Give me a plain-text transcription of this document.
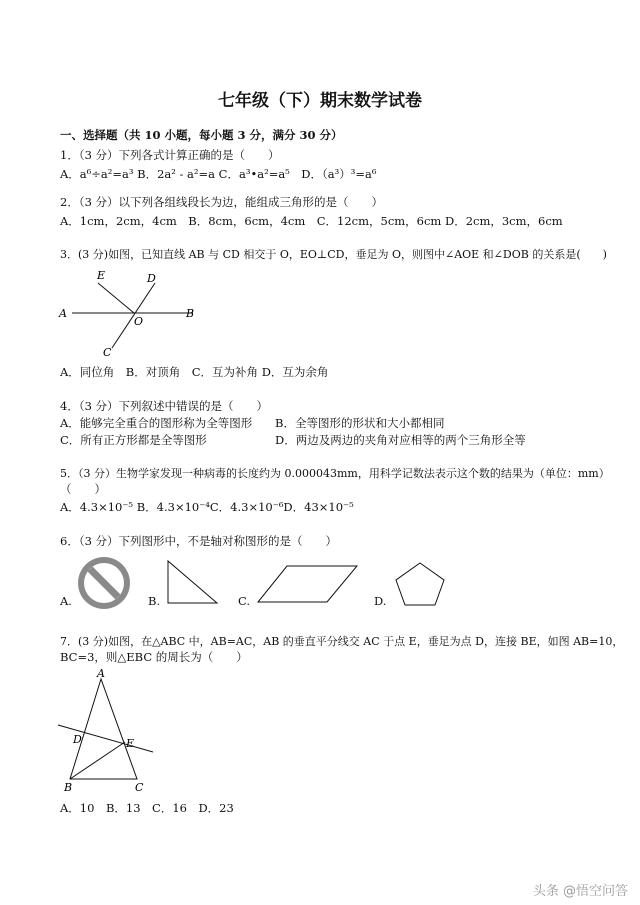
七年级（下）期末数学试卷
一、选择题（共 10 小题，每小题 3 分，满分 30 分）
1．（3 分）下列各式计算正确的是（　　）
A．a⁶÷a²=a³ B．2a² - a²=a C．a³•a²=a⁵　D．（a³）³=a⁶
2．（3 分）以下列各组线段长为边，能组成三角形的是（　　）
A．1cm，2cm，4cm　B．8cm，6cm，4cm　C．12cm，5cm，6cm D．2cm，3cm，6cm
3．(3 分)如图，已知直线 AB 与 CD 相交于 O，EO⊥CD，垂足为 O，则图中∠AOE 和∠DOB 的关系是(　　)
A	B
C
D
E
O
A．同位角　B．对顶角　C．互为补角 D．互为余角
4．（3 分）下列叙述中错误的是（　　）
A．能够完全重合的图形称为全等图形 B．全等图形的形状和大小都相同
C．所有正方形都是全等图形	D．两边及两边的夹角对应相等的两个三角形全等
5．（3 分）生物学家发现一种病毒的长度约为 0.000043mm，用科学记数法表示这个数的结果为（单位：mm）
（　　）
A．4.3×10⁻⁵ B．4.3×10⁻⁴C．4.3×10⁻⁶D．43×10⁻⁵
6．（3 分）下列图形中，不是轴对称图形的是（　　）
A.	B.	C.	D.
7．(3 分)如图，在△ABC 中，AB=AC，AB 的垂直平分线交 AC 于点 E，垂足为点 D，连接 BE，如图 AB=10，
BC=3，则△EBC 的周长为（　　）
A
B	C
D	E
A．10　B．13　C．16　D．23
头条 @悟空问答
